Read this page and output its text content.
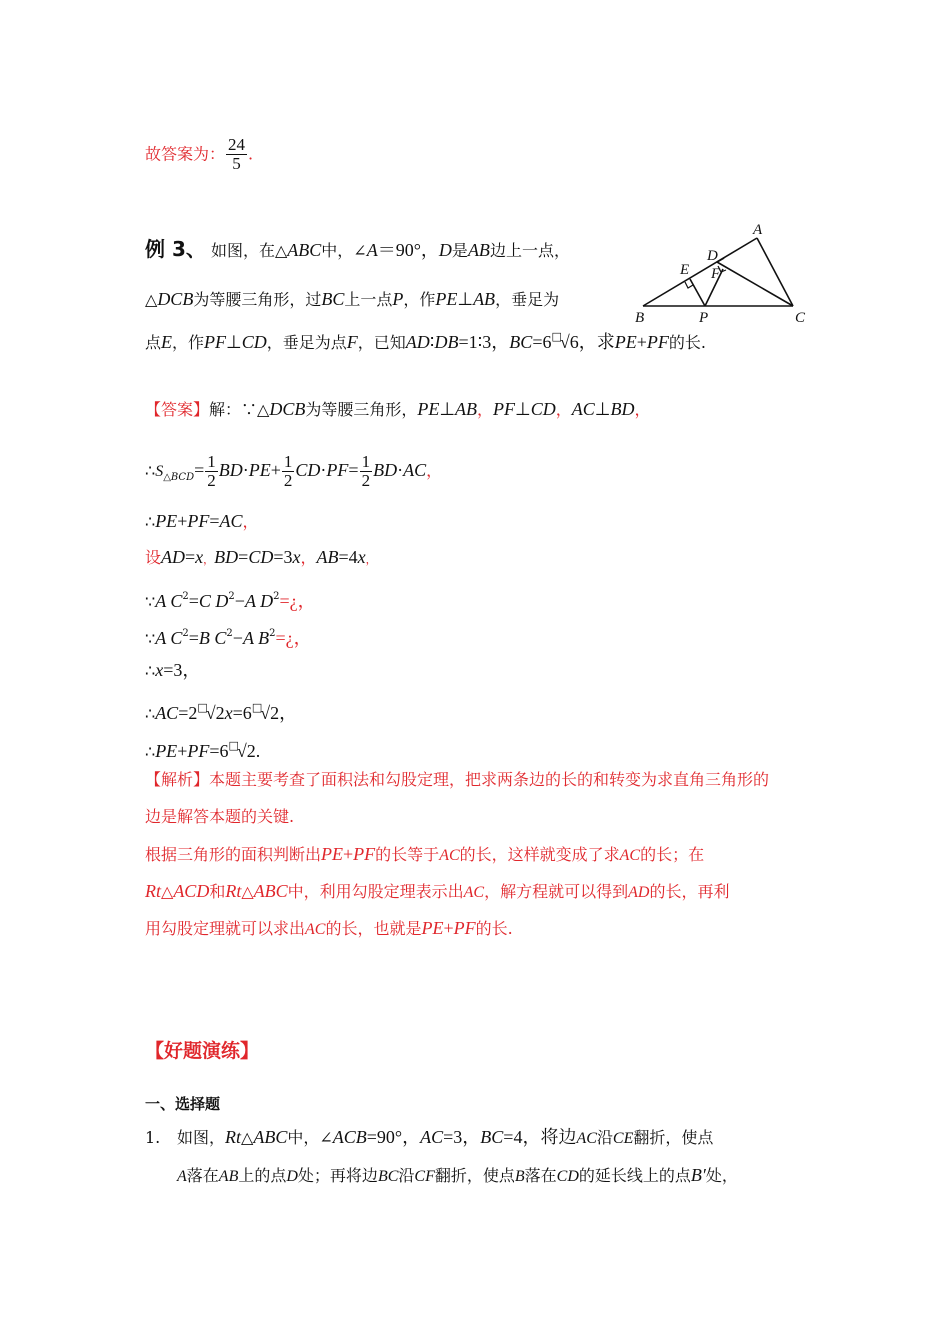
故答案为： $\frac{24}{5}$ .
例 3、 如图，在△ABC中，∠A＝90°，D是AB边上一点，
△DCB为等腰三角形，过BC上一点P，作PE⊥AB，垂足为
点E，作PF⊥CD，垂足为点F，已知AD∶DB=1∶3，BC=6□√6，求PE+PF的长.
A
D
E F
B	P	C
【答案】解：∵△DCB为等腰三角形，PE⊥AB，PF⊥CD，AC⊥BD，
$\therefore S_{\triangle BCD}= \frac{1}{2} BD\cdot PE+ \frac{1}{2} CD\cdot PF= \frac{1}{2} BD\cdot AC$，
∴PE+PF=AC，
设AD=x，BD=CD=3x，AB=4x，
∵A $C^2=C$ $D^2-A$ $D^2=¿$，
∵A $C^2=B$ $C^2-A$ $B^2=¿$，
∴x=3，
∴AC=2□√2x=6□√2，
∴PE+PF=6□√2.
【解析】本题主要考查了面积法和勾股定理，把求两条边的长的和转变为求直角三角形的
边是解答本题的关键.
根据三角形的面积判断出PE+PF的长等于AC的长，这样就变成了求AC的长；在
Rt△ACD和Rt△ABC中，利用勾股定理表示出AC，解方程就可以得到AD的长，再利
用勾股定理就可以求出AC的长，也就是PE+PF的长.
【好题演练】
一、选择题
1. 如图，Rt△ABC中，∠ACB=90°，AC=3，BC=4，将边AC沿CE翻折，使点
A落在AB上的点D处；再将边BC沿CF翻折，使点B落在CD的延长线上的点B′处，
